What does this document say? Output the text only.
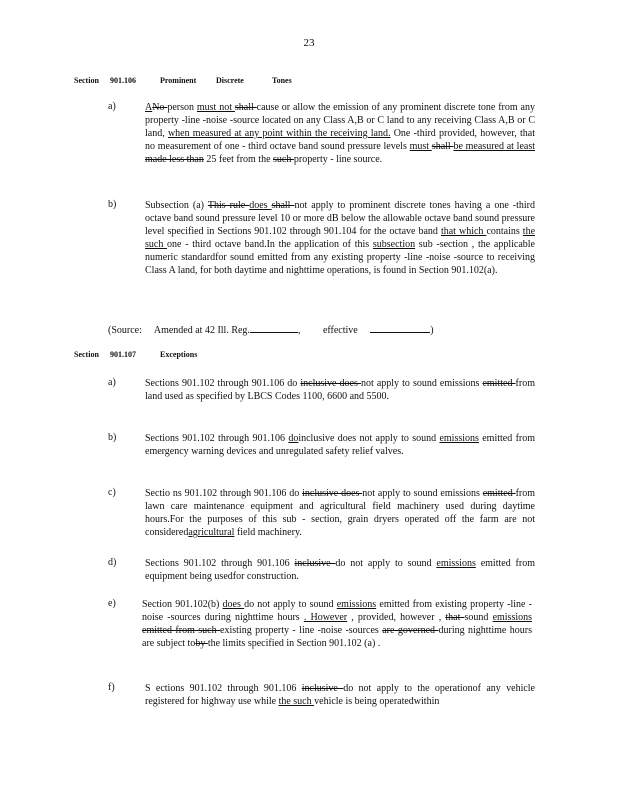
23
Section 901.106	Prominent Discrete	Tones
a)	ANo person must not shall cause or allow the emission of any prominent discrete tone from any property -line -noise -source located on any Class A,B or C land to any receiving Class A,B or C land, when measured at any point within the receiving land. One -third provided, however, that no measurement of one - third octave band sound pressure levels must shall be measured at least made less than 25 feet from the such property - line source.
b)	Subsection (a) This rule does shall not apply to prominent discrete tones having a one -third octave band sound pressure level 10 or more dB below the allowable octave band sound pressure level specified in Sections 901.102 through 901.104 for the octave band that which contains the such one - third octave band.In the application of this subsection sub -section , the applicable numeric standardfor sound emitted from any existing property -line -noise -source to receiving Class A land, for both daytime and nighttime operations, is found in Section 901.102(a).
(Source: Amended at 42 Ill. Reg.	, effective	)
Section 901.107	Exceptions
a)	Sections 901.102 through 901.106 do inclusive does not apply to sound emissions emitted from land used as specified by LBCS Codes 1100, 6600 and 5500.
b)	Sections 901.102 through 901.106 doinclusive does not apply to sound emissions emitted from emergency warning devices and unregulated safety relief valves.
c)	Sectio ns 901.102 through 901.106 do inclusive does not apply to sound emissions emitted from lawn care maintenance equipment and agricultural field machinery used during daytime hours.For the purposes of this sub - section, grain dryers operated off the farm are not consideredagricultural field machinery.
d)	Sections 901.102 through 901.106 inclusive do not apply to sound emissions emitted from equipment being usedfor construction.
e)	Section 901.102(b) does do not apply to sound emissions emitted from existing property -line -noise -sources during nighttime hours . However , provided, however , that sound emissions emitted from such existing property - line -noise -sources are governed during nighttime hours are subject toby the limits specified in Section 901.102 (a) .
f)	S ections 901.102 through 901.106 inclusive do not apply to the operationof any vehicle registered for highway use while the such vehicle is being operatedwithin
